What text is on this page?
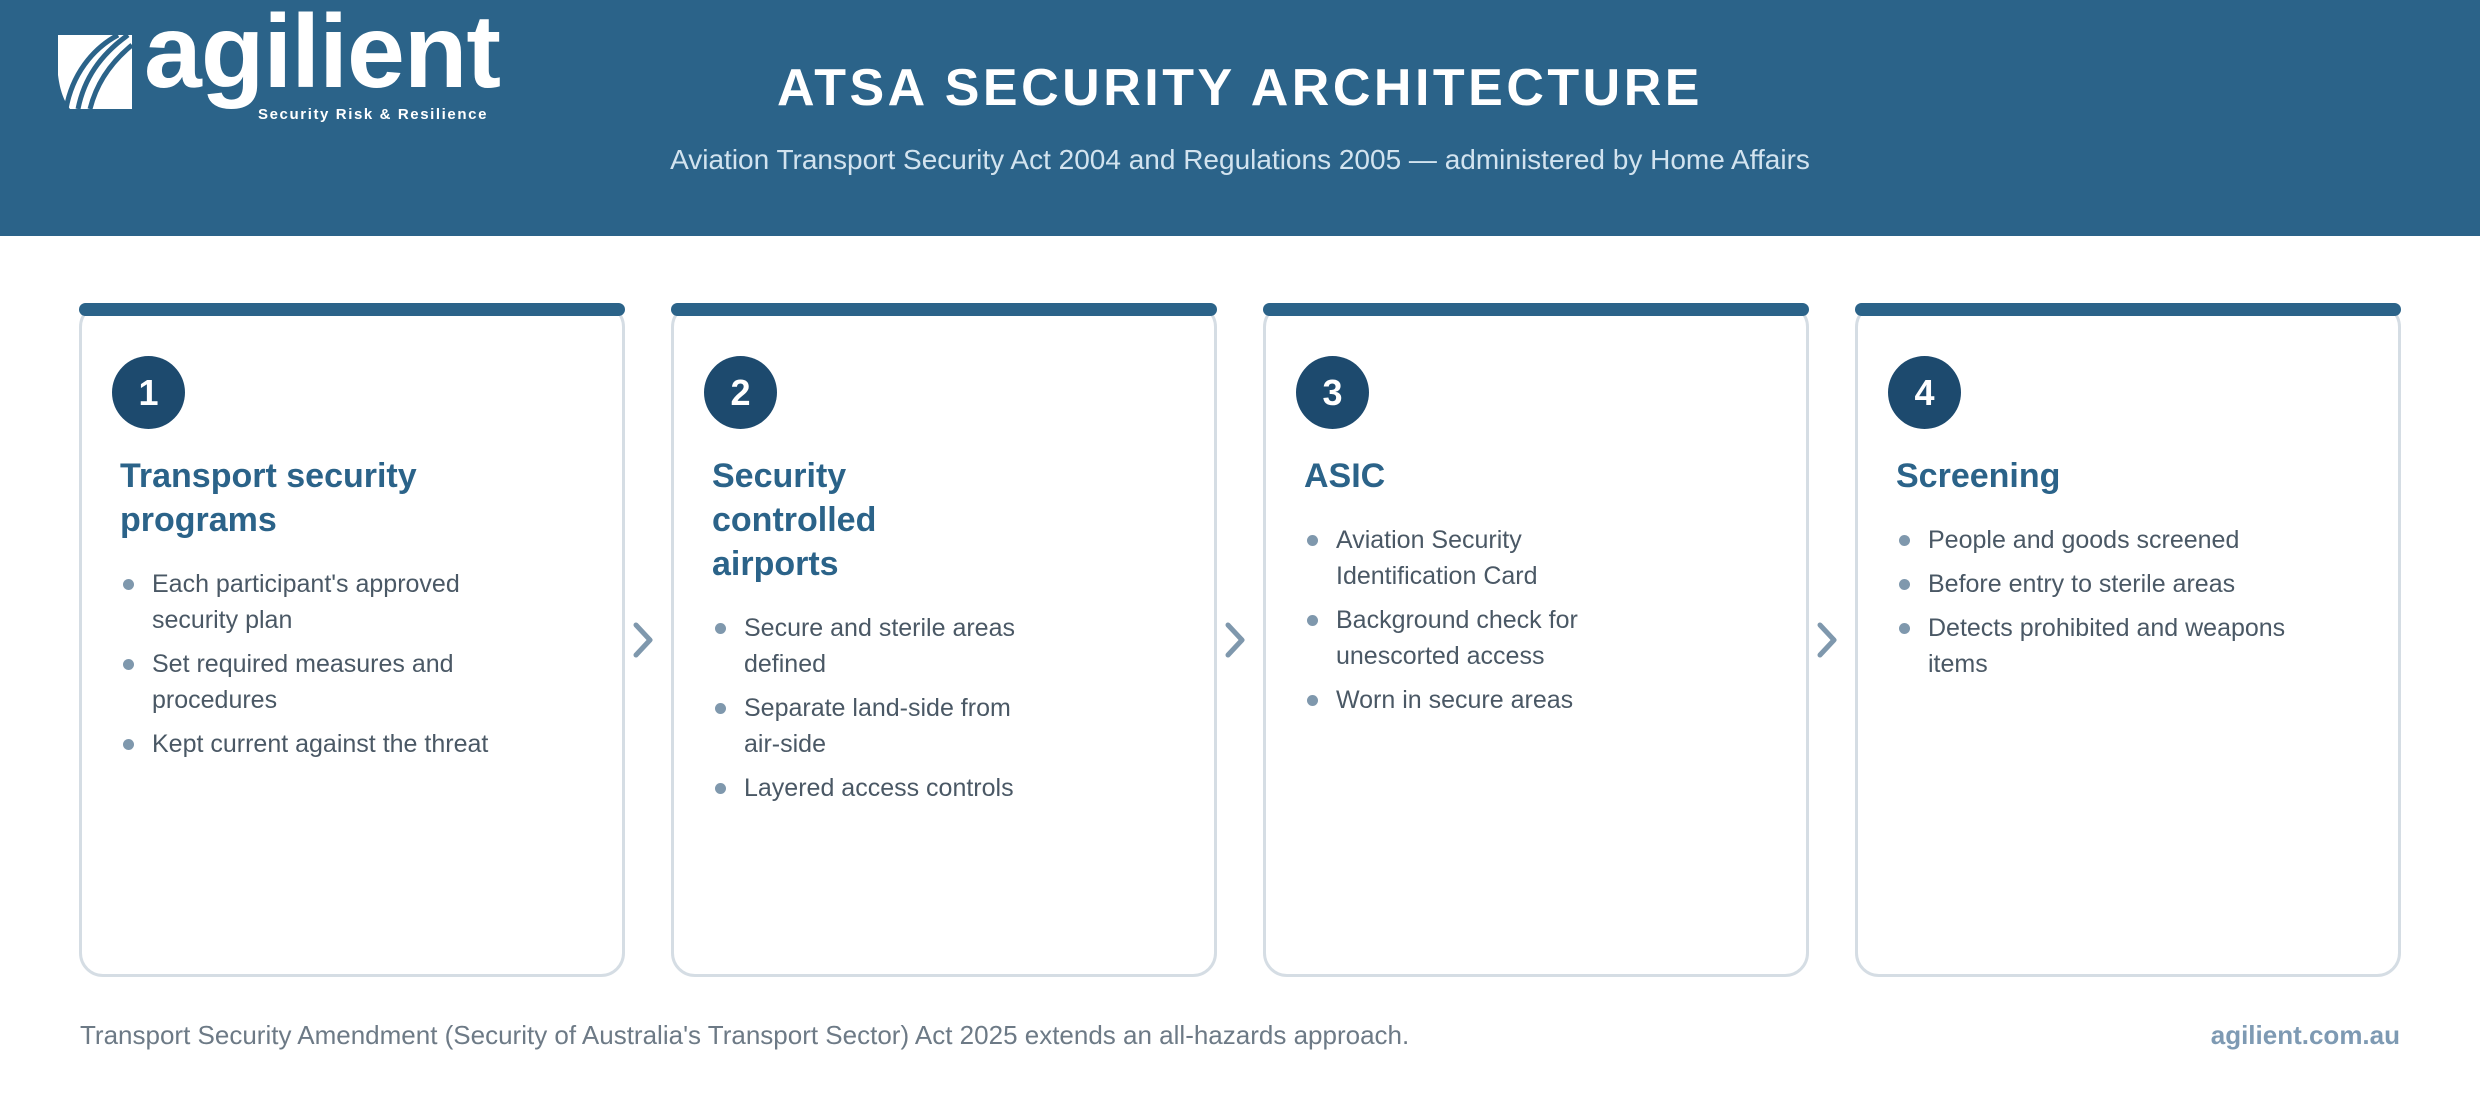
agilient
Security Risk & Resilience	ATSA SECURITY ARCHITECTURE
Aviation Transport Security Act 2004 and Regulations 2005 — administered by Home Affairs
1
Transport security programs
Each participant's approved security plan
Set required measures and procedures
Kept current against the threat
2
Security controlled airports
Secure and sterile areas defined
Separate land-side from air-side
Layered access controls
3
ASIC
Aviation Security Identification Card
Background check for unescorted access
Worn in secure areas
4
Screening
People and goods screened
Before entry to sterile areas
Detects prohibited and weapons items
Transport Security Amendment (Security of Australia's Transport Sector) Act 2025 extends an all-hazards approach.	agilient.com.au
